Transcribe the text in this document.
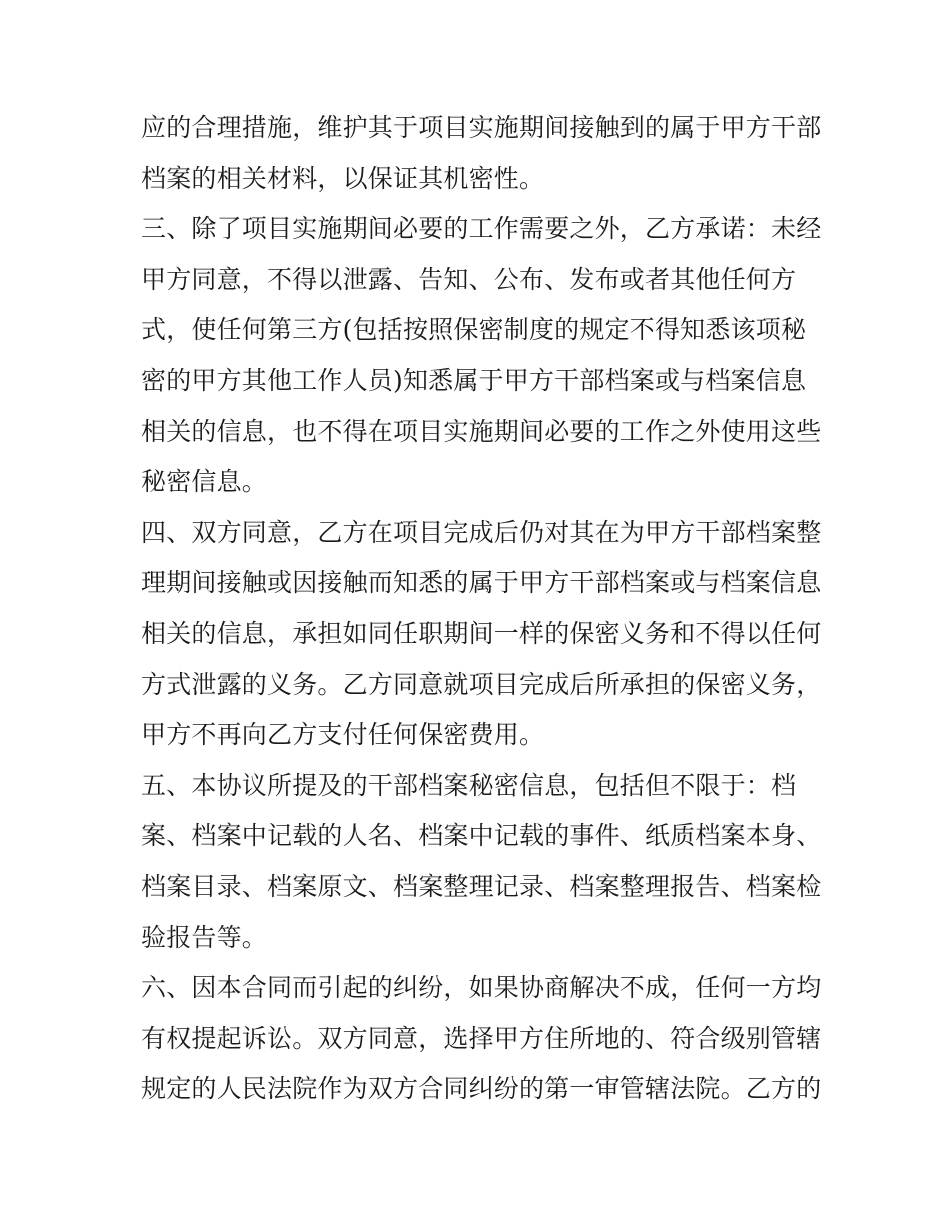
应的合理措施，维护其于项目实施期间接触到的属于甲方干部
档案的相关材料，以保证其机密性。
三、除了项目实施期间必要的工作需要之外，乙方承诺：未经
甲方同意，不得以泄露、告知、公布、发布或者其他任何方
式，使任何第三方(包括按照保密制度的规定不得知悉该项秘
密的甲方其他工作人员)知悉属于甲方干部档案或与档案信息
相关的信息，也不得在项目实施期间必要的工作之外使用这些
秘密信息。
四、双方同意，乙方在项目完成后仍对其在为甲方干部档案整
理期间接触或因接触而知悉的属于甲方干部档案或与档案信息
相关的信息，承担如同任职期间一样的保密义务和不得以任何
方式泄露的义务。乙方同意就项目完成后所承担的保密义务，
甲方不再向乙方支付任何保密费用。
五、本协议所提及的干部档案秘密信息，包括但不限于：档
案、档案中记载的人名、档案中记载的事件、纸质档案本身、
档案目录、档案原文、档案整理记录、档案整理报告、档案检
验报告等。
六、因本合同而引起的纠纷，如果协商解决不成，任何一方均
有权提起诉讼。双方同意，选择甲方住所地的、符合级别管辖
规定的人民法院作为双方合同纠纷的第一审管辖法院。乙方的
